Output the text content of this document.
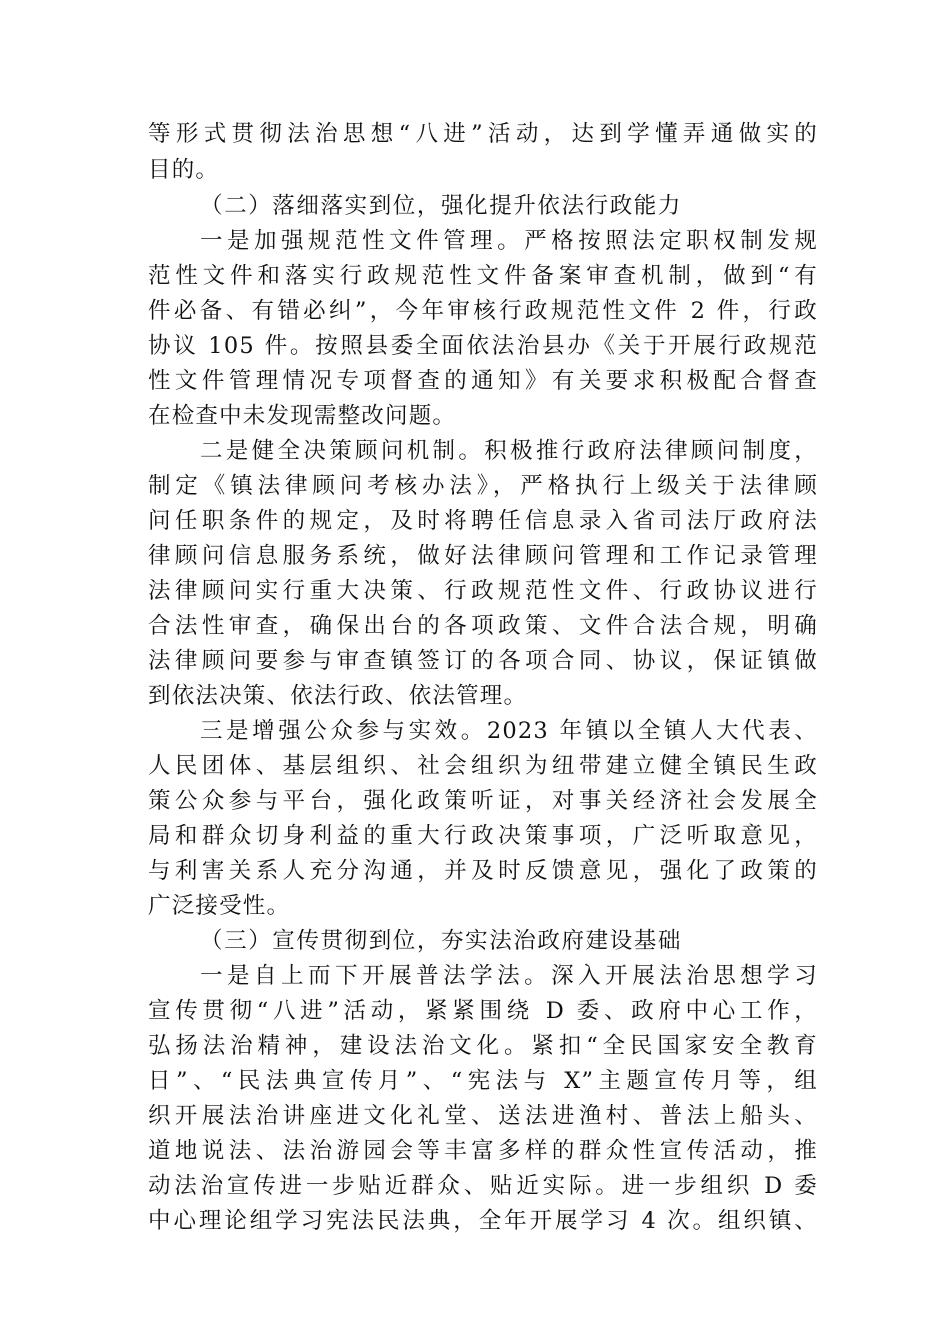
等形式贯彻法治思想“八进”活动，达到学懂弄通做实的
目的。
（二）落细落实到位，强化提升依法行政能力
一是加强规范性文件管理。严格按照法定职权制发规
范性文件和落实行政规范性文件备案审查机制，做到“有
件必备、有错必纠”，今年审核行政规范性文件 2 件，行政
协议 105 件。按照县委全面依法治县办《关于开展行政规范
性文件管理情况专项督查的通知》有关要求积极配合督查
在检查中未发现需整改问题。
二是健全决策顾问机制。积极推行政府法律顾问制度，
制定《镇法律顾问考核办法》，严格执行上级关于法律顾
问任职条件的规定，及时将聘任信息录入省司法厅政府法
律顾问信息服务系统，做好法律顾问管理和工作记录管理
法律顾问实行重大决策、行政规范性文件、行政协议进行
合法性审查，确保出台的各项政策、文件合法合规，明确
法律顾问要参与审查镇签订的各项合同、协议，保证镇做
到依法决策、依法行政、依法管理。
三是增强公众参与实效。2023 年镇以全镇人大代表、
人民团体、基层组织、社会组织为纽带建立健全镇民生政
策公众参与平台，强化政策听证，对事关经济社会发展全
局和群众切身利益的重大行政决策事项，广泛听取意见，
与利害关系人充分沟通，并及时反馈意见，强化了政策的
广泛接受性。
（三）宣传贯彻到位，夯实法治政府建设基础
一是自上而下开展普法学法。深入开展法治思想学习
宣传贯彻“八进”活动，紧紧围绕 D 委、政府中心工作，
弘扬法治精神，建设法治文化。紧扣“全民国家安全教育
日”、“民法典宣传月”、“宪法与 X”主题宣传月等，组
织开展法治讲座进文化礼堂、送法进渔村、普法上船头、
道地说法、法治游园会等丰富多样的群众性宣传活动，推
动法治宣传进一步贴近群众、贴近实际。进一步组织 D 委
中心理论组学习宪法民法典，全年开展学习 4 次。组织镇、
